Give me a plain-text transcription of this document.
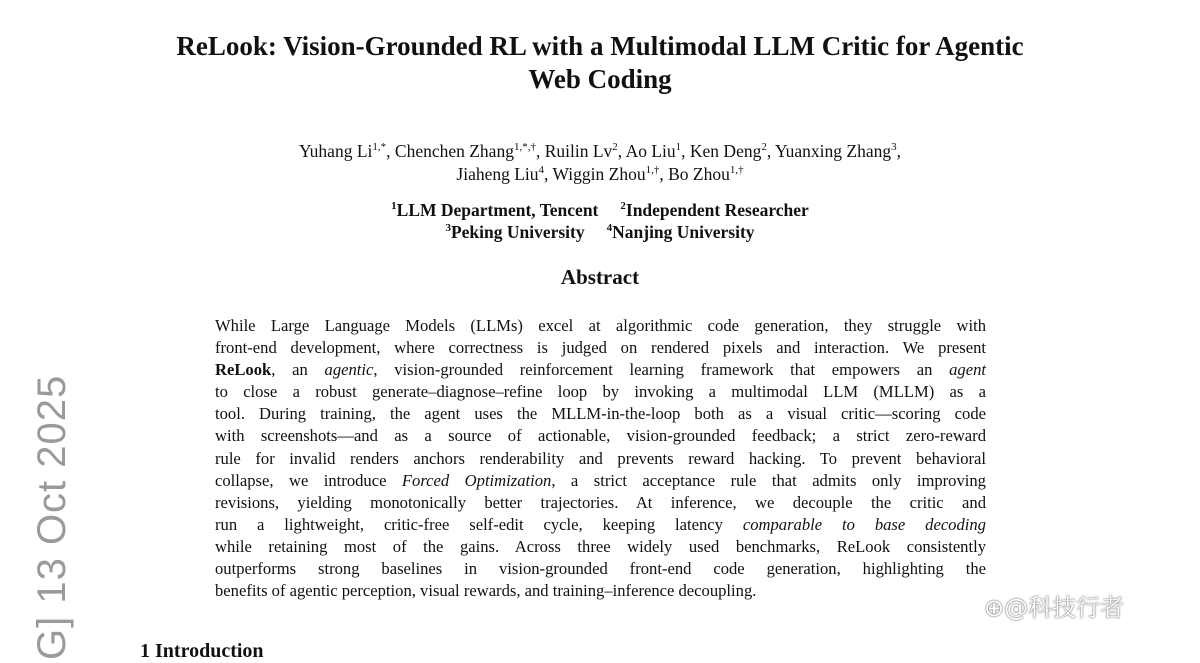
ReLook: Vision-Grounded RL with a Multimodal LLM Critic for Agentic
Web Coding
Yuhang $Li^{1,*}$, Chenchen Zhang$^{1,*,\dagger}$, Ruilin Lv$^2$, Ao Liu$^1$, Ken Deng$^2$, Yuanxing Zhang$^3$,
Jiaheng Liu$^4$, Wiggin Zhou$^{1,\dagger}$, Bo Zhou$^{1,\dagger}$
$^1$LLM Department, Tencent $^2$Independent Researcher
$^3$Peking University $^4$Nanjing University
Abstract
While Large Language Models (LLMs) excel at algorithmic code generation, they struggle with
front-end development, where correctness is judged on rendered pixels and interaction. We present
ReLook, an agentic, vision-grounded reinforcement learning framework that empowers an agent
to close a robust generate–diagnose–refine loop by invoking a multimodal LLM (MLLM) as a
tool. During training, the agent uses the MLLM-in-the-loop both as a visual critic—scoring code
with screenshots—and as a source of actionable, vision-grounded feedback; a strict zero-reward
rule for invalid renders anchors renderability and prevents reward hacking. To prevent behavioral
collapse, we introduce Forced Optimization, a strict acceptance rule that admits only improving
revisions, yielding monotonically better trajectories. At inference, we decouple the critic and
run a lightweight, critic-free self-edit cycle, keeping latency comparable to base decoding
while retaining most of the gains. Across three widely used benchmarks, ReLook consistently
outperforms strong baselines in vision-grounded front-end code generation, highlighting the
benefits of agentic perception, visual rewards, and training–inference decoupling.
G] 13 Oct 2025	⊕@科技行者
1 Introduction
